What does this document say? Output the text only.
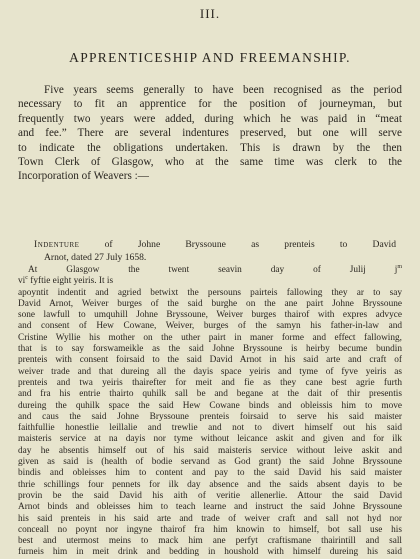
III.
APPRENTICESHIP AND FREEMANSHIP.
Five years seems generally to have been recognised as the period
necessary to fit an apprentice for the position of journeyman, but
frequently two years were added, during which he was paid in “meat
and fee.” There are several indentures preserved, but one will serve
to indicate the obligations undertaken. This is drawn by the then
Town Clerk of Glasgow, who at the same time was clerk to the
Incorporation of Weavers :—
Indenture	of Johne Bryssoune as prenteis to David
Arnot, dated 27 July 1658.
At Glasgow the twent seavin day of Julij $j^m$
$vi^c$ fyftie eight yeiris. It is
apoyntit indentit and agried betwixt the persouns pairteis fallowing they ar to say
David Arnot, Weiver burges of the said burghe on the ane pairt Johne Bryssoune
sone lawfull to umquhill Johne Bryssoune, Weiver burges thairof with expres advyce
and consent of Hew Cowane, Weiver, burges of the samyn his father-in-law and
Cristine Wyllie his mother on the uther pairt in maner forme and effect fallowing,
that is to say forswameikle as the said Johne Bryssoune is heirby becume bundin
prenteis with consent foirsaid to the said David Arnot in his said arte and craft of
weiver trade and that dureing all the dayis space yeiris and tyme of fyve yeiris as
prenteis and twa yeiris thairefter for meit and fie as they cane best agrie furth
and fra his entrie thairto quhilk sall be and begane at the dait of thir presentis
dureing the quhilk space the said Hew Cowane binds and obleissis him to move
and caus the said Johne Bryssoune prenteis foirsaid to serve his said maister
faithfullie honestlie leillalie and trewlie and not to divert himself out his said
maisteris service at na dayis nor tyme without leicance askit and given and for ilk
day he absentis himself out of his said maisteris service without leive askit and
given as said is (health of bodie servand as God grant) the said Johne Bryssoune
bindis and obleisses him to content and pay to the said David his said maister
thrie schillings four pennets for ilk day absence and the saids absent dayis to be
provin be the said David his aith of veritie allenerlie. Attour the said David
Arnot binds and obleisses him to teach learne and instruct the said Johne Bryssoune
his said prenteis in his said arte and trade of weiver craft and sall not hyd nor
conceall no poynt nor ingyne thairof fra him knowin to himself, bot sall use his
best and utermost meins to mack him ane perfyt craftismane thairintill and sall
furneis him in meit drink and bedding in houshold with himself dureing his said
